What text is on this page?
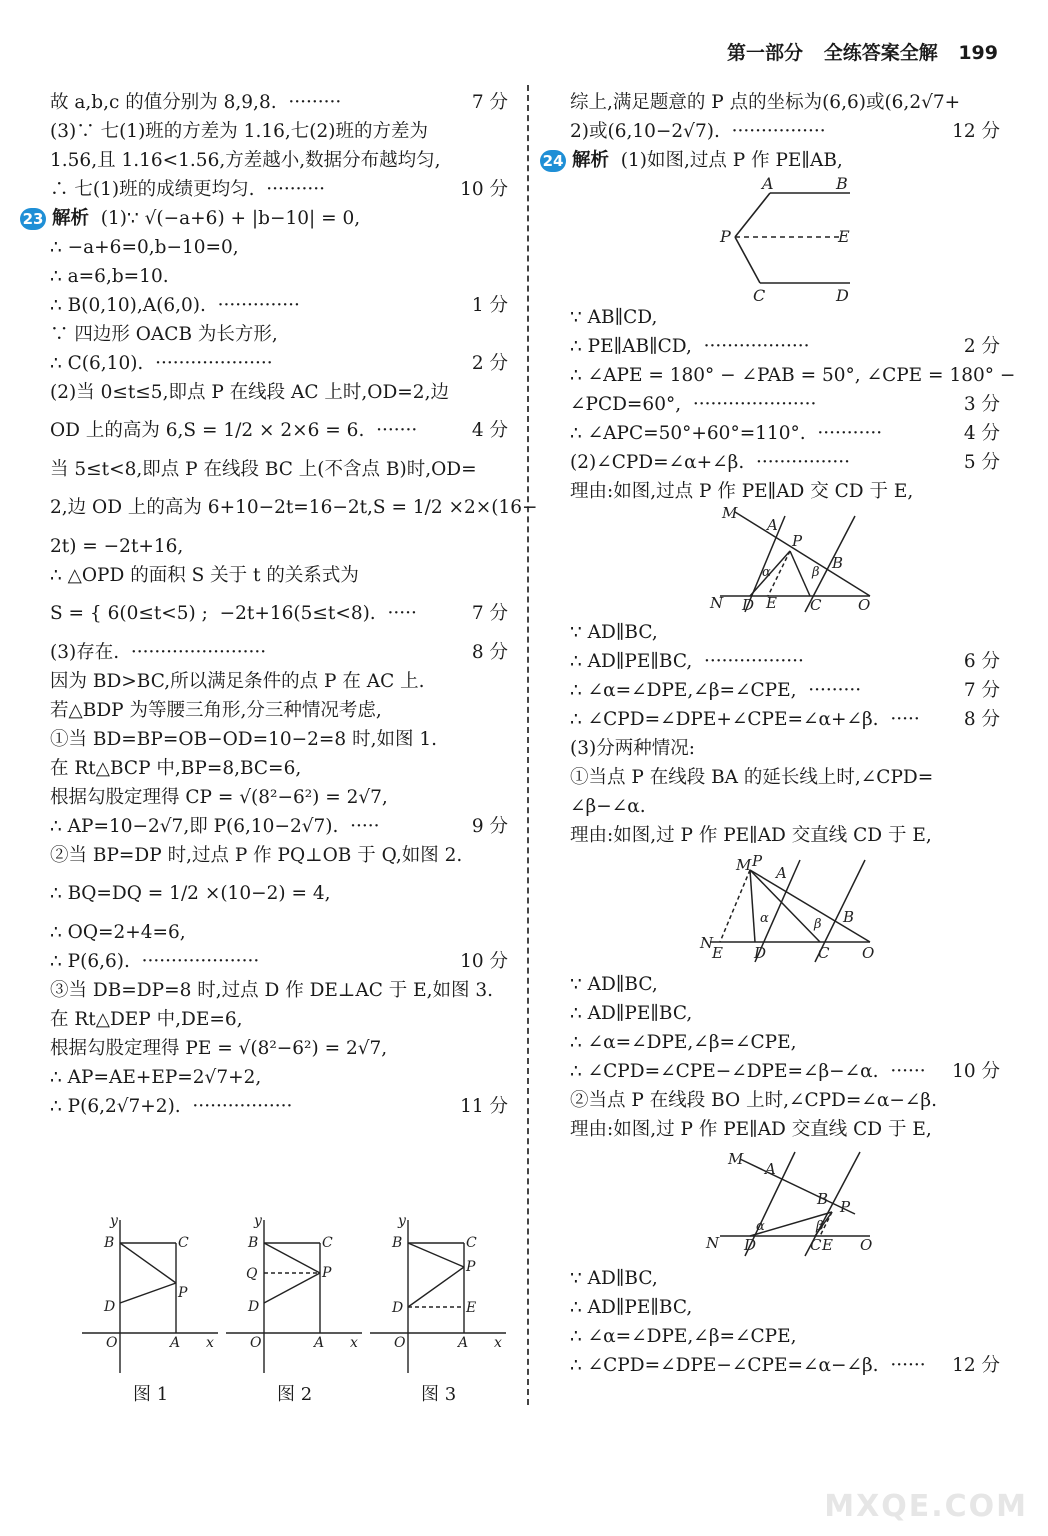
第一部分 全练答案全解 199
故 a,b,c 的值分别为 8,9,8.  ·········	7 分
(3)∵ 七(1)班的方差为 1.16,七(2)班的方差为
1.56,且 1.16<1.56,方差越小,数据分布越均匀,
∴ 七(1)班的成绩更均匀.  ··········	10 分
23 解析 (1)∵ √(−a+6) + |b−10| = 0,
∴ −a+6=0,b−10=0,
∴ a=6,b=10.
∴ B(0,10),A(6,0).  ··············	1 分
∵ 四边形 OACB 为长方形,
∴ C(6,10).  ····················	2 分
(2)当 0≤t≤5,即点 P 在线段 AC 上时,OD=2,边
OD 上的高为 6,S = 1/2 × 2×6 = 6.  ·······	4 分
当 5≤t<8,即点 P 在线段 BC 上(不含点 B)时,OD=
2,边 OD 上的高为 6+10−2t=16−2t,S = 1/2 ×2×(16−
2t) = −2t+16,
∴ △OPD 的面积 S 关于 t 的关系式为
S = { 6(0≤t<5) ;  −2t+16(5≤t<8).  ·····	7 分
(3)存在.  ·······················	8 分
因为 BD>BC,所以满足条件的点 P 在 AC 上.
若△BDP 为等腰三角形,分三种情况考虑,
①当 BD=BP=OB−OD=10−2=8 时,如图 1.
在 Rt△BCP 中,BP=8,BC=6,
根据勾股定理得 CP = √(8²−6²) = 2√7,
∴ AP=10−2√7,即 P(6,10−2√7).  ·····	9 分
②当 BP=DP 时,过点 P 作 PQ⊥OB 于 Q,如图 2.
∴ BQ=DQ = 1/2 ×(10−2) = 4,
∴ OQ=2+4=6,
∴ P(6,6).  ····················	10 分
③当 DB=DP=8 时,过点 D 作 DE⊥AC 于 E,如图 3.
在 Rt△DEP 中,DE=6,
根据勾股定理得 PE = √(8²−6²) = 2√7,
∴ AP=AE+EP=2√7+2,
∴ P(6,2√7+2).  ·················	11 分
综上,满足题意的 P 点的坐标为(6,6)或(6,2√7+
2)或(6,10−2√7).  ················	12 分
24 解析 (1)如图,过点 P 作 PE∥AB,
A	B
P	E
C	D
∵ AB∥CD,
∴ PE∥AB∥CD,  ··················	2 分
∴ ∠APE = 180° − ∠PAB = 50°, ∠CPE = 180° −
∠PCD=60°,  ·····················	3 分
∴ ∠APC=50°+60°=110°.  ···········	4 分
(2)∠CPD=∠α+∠β.  ················	5 分
理由:如图,过点 P 作 PE∥AD 交 CD 于 E,
M
A
P
B
N D E C O
α	β
∵ AD∥BC,
∴ AD∥PE∥BC,  ·················	6 分
∴ ∠α=∠DPE,∠β=∠CPE,  ·········	7 分
∴ ∠CPD=∠DPE+∠CPE=∠α+∠β.  ····· 8 分
(3)分两种情况:
①当点 P 在线段 BA 的延长线上时,∠CPD=
∠β−∠α.
理由:如图,过 P 作 PE∥AD 交直线 CD 于 E,
M P
A
B
N
E D	C O
α	β
∵ AD∥BC,
∴ AD∥PE∥BC,
∴ ∠α=∠DPE,∠β=∠CPE,
∴ ∠CPD=∠CPE−∠DPE=∠β−∠α.  ······ 10 分
②当点 P 在线段 BO 上时,∠CPD=∠α−∠β.
理由:如图,过 P 作 PE∥AD 交直线 CD 于 E,
M
A
B P
N D	C E O
α	β
∵ AD∥BC,
∴ AD∥PE∥BC,
∴ ∠α=∠DPE,∠β=∠CPE,
∴ ∠CPD=∠DPE−∠CPE=∠α−∠β.  ······ 12 分
y
B	C
P
D
O	A x
图 1
y
B	C
Q	P
D
O	A x
图 2
y
B	C
P
D	E
O	A x
图 3
MXQE.COM
